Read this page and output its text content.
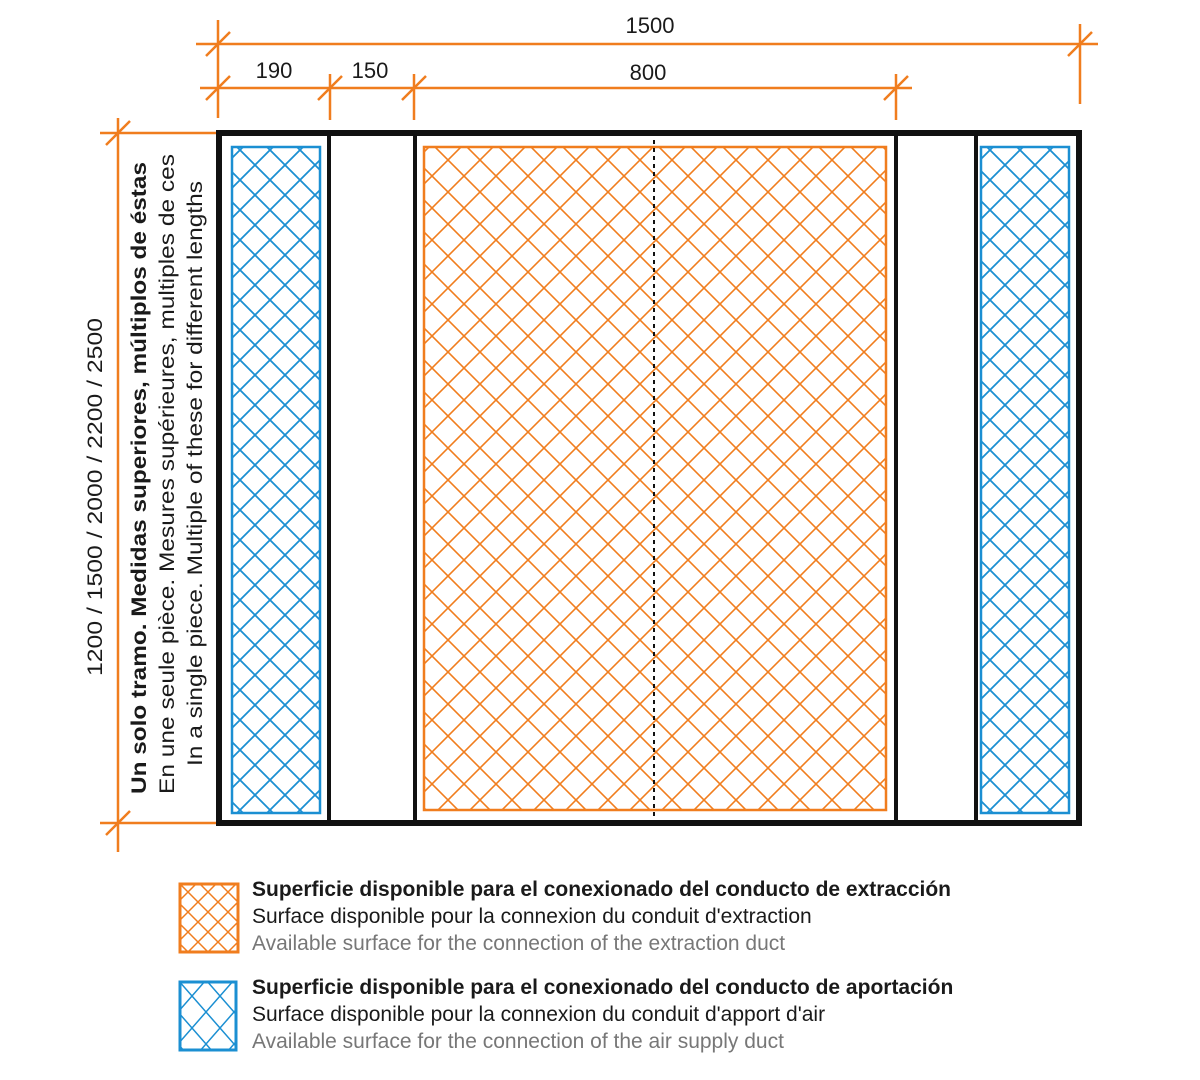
1500
190	150	800
1200 / 1500 / 2000 / 2200 / 2500 Un solo tramo. Medidas superiores, múltiplos de éstas En une seule pièce. Mesures supérieures, multiples de ces In a single piece. Multiple of these for different lengths
Superficie disponible para el conexionado del conducto de extracción
Surface disponible pour la connexion du conduit d'extraction
Available surface for the connection of the extraction duct
Superficie disponible para el conexionado del conducto de aportación
Surface disponible pour la connexion du conduit d'apport d'air
Available surface for the connection of the air supply duct
